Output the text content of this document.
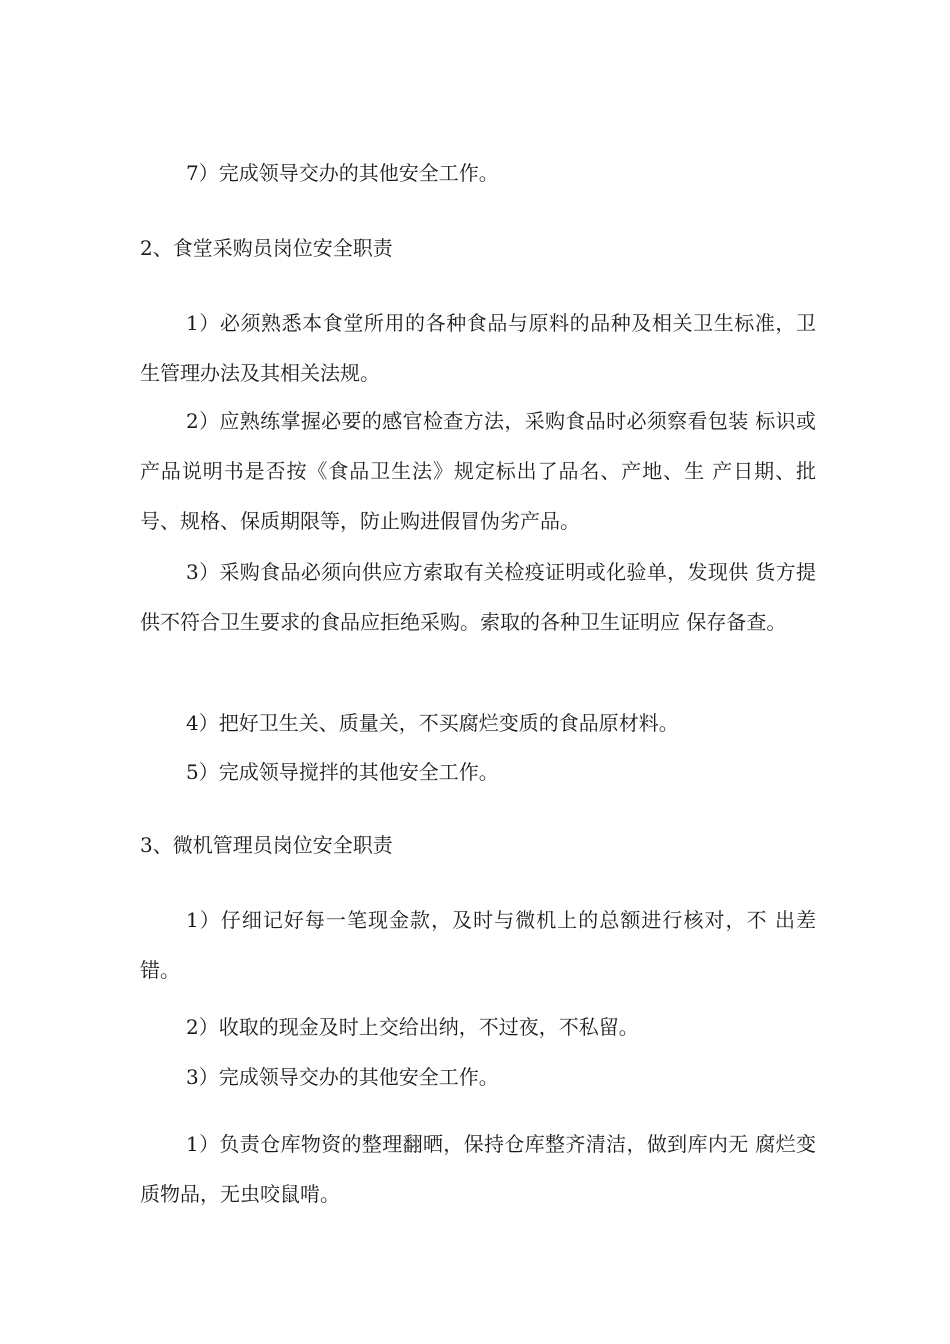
7）完成领导交办的其他安全工作。

2、食堂采购员岗位安全职责

1）必须熟悉本食堂所用的各种食品与原料的品种及相关卫生标准，卫生管理办法及其相关法规。

2）应熟练掌握必要的感官检查方法，采购食品时必须察看包装 标识或产品说明书是否按《食品卫生法》规定标出了品名、产地、生 产日期、批号、规格、保质期限等，防止购进假冒伪劣产品。

3）采购食品必须向供应方索取有关检疫证明或化验单，发现供 货方提供不符合卫生要求的食品应拒绝采购。索取的各种卫生证明应 保存备查。

4）把好卫生关、质量关，不买腐烂变质的食品原材料。

5）完成领导搅拌的其他安全工作。

3、微机管理员岗位安全职责

1）仔细记好每一笔现金款，及时与微机上的总额进行核对，不 出差错。

2）收取的现金及时上交给出纳，不过夜，不私留。

3）完成领导交办的其他安全工作。

1）负责仓库物资的整理翻晒，保持仓库整齐清洁，做到库内无 腐烂变质物品，无虫咬鼠啃。
